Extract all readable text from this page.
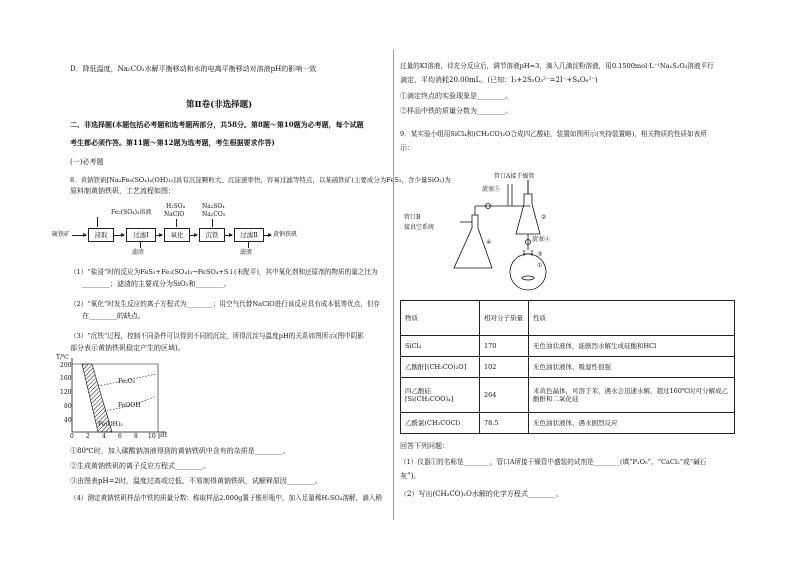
D．降低温度，Na₂CO₃水解平衡移动和水的电离平衡移动对溶液pH的影响一致
第Ⅱ卷(非选择题)
二、非选择题(本题包括必考题和选考题两部分，共58分。第8题～第10题为必考题，每个试题
考生都必须作答。第11题～第12题为选考题，考生根据要求作答)
(一)必考题
8．黄钠铁矾[Na₂Fe₆(SO₄)₄(OH)₁₂]具有沉淀颗粒大、沉淀速率快、容易过滤等特点，以某硫铁矿(主要成分为FeS₂，含少量SiO₂)为
原料制黄钠铁矾，工艺流程如图：
Fe₂(SO₄)₃溶液
H₂SO₄
NaClO
Na₂SO₄
Na₂CO₃
硫铁矿	浸取	过滤Ⅰ	氧化	沉铁	过滤Ⅱ	黄钠铁矾
滤渣	滤液
（1）“盐浸”时的反应为FeS₂+Fe₂(SO₄)₃→FeSO₄+S↓(未配平)，其中氧化剂和还原剂的物质的量之比为
________；滤渣的主要成分为SiO₂和________。
（2）“氧化”时发生反应的离子方程式为________；用空气代替NaClO进行该反应具有成本低等优点，但存
在________的缺点。
（3）“沉铁”过程，控制不同条件可以得到不同的沉淀，所得沉淀与温度pH的关系如图所示(图中阴影
部分表示黄钠铁矾稳定产生的区域)。
T/℃
200
160
120
80
40
0 2 4 6 8 10 pH
Fe₂O₃
FeOOH
Fe(OH)₃
①80℃时，加入碳酸钠溶液得到的黄钠铁矾中含有的杂质是________。
②生成黄钠铁矾的离子反应方程式________。
③由图表pH=2时，温度过高或过低，不易制得黄钠铁矾，试解释原因________。
（4）测定黄钠铁矾样品中铁的质量分数：称取样品2.000g置于锥形瓶中，加入足量稀H₂SO₄溶解，滴入稍
过量的KI溶液，待充分反应后，调节溶液pH=3，滴入几滴淀粉溶液，用0.1500mol·L⁻¹Na₂S₂O₃溶液平行
滴定，平均消耗20.00mL。(已知：I₂+2S₂O₃²⁻=2I⁻+S₄O₆²⁻)
①滴定终点的实验现象是________。
②样品中铁的质量分数为________。
9．某实验小组用SiCl₄和(CH₃CO)₂O合成四乙酸硅，装置如图所示(夹持装置略)，相关物质的性质如表所
示：
管口A接干燥管
旋塞⑤
管口B
接真空系统
④
②
旋塞④
③
①
物质	相对分子质量	性质
SiCl₄	170	无色油状液体，能剧烈水解生成硅酸和HCl
乙酸酐[(CH₃CO)₂O]	102	无色油状液体，吸湿性很强
四乙酸硅[Si(CH₃COO)₄]	264	米黄色晶体，可溶于苯，遇水会迅速水解，超过160℃时可分解成乙酸酐和二氧化硅
乙酰氯(CH₃COCl)	78.5	无色油状液体，遇水剧烈反应
回答下列问题：
（1）仪器①的名称是________，管口A所接干燥管中盛装的试剂是________(填“P₂O₅”、“CaCl₂”或“碱石
灰”)。
（2）写出(CH₃CO)₂O水解的化学方程式________。
